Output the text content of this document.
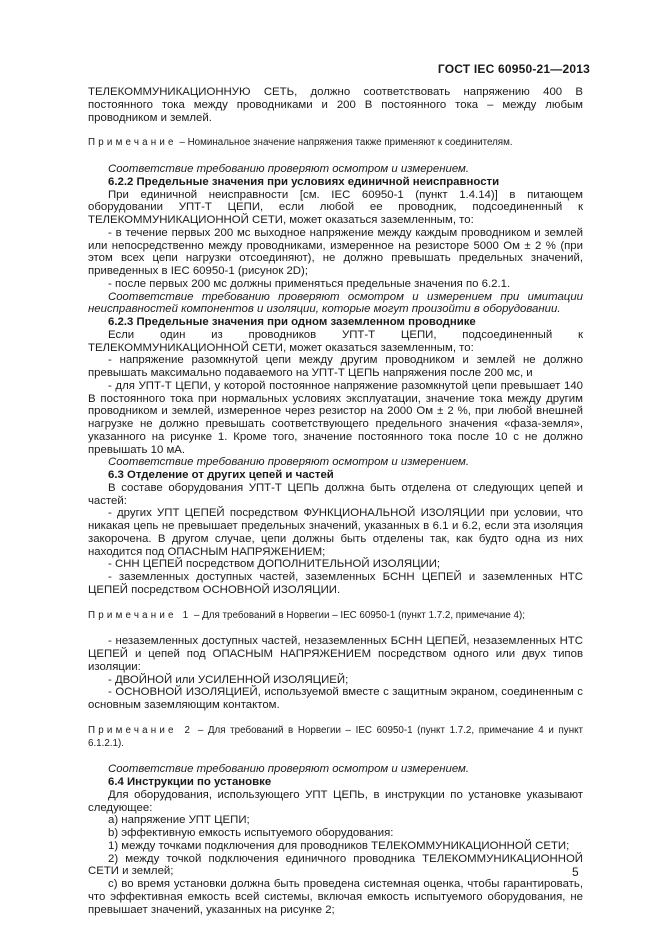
ГОСТ IEC 60950-21—2013

ТЕЛЕКОММУНИКАЦИОННУЮ СЕТЬ, должно соответствовать напряжению 400 В постоянного тока между проводниками и 200 В постоянного тока – между любым проводником и землей.

Примечание – Номинальное значение напряжения также применяют к соединителям.

Соответствие требованию проверяют осмотром и измерением.

6.2.2 Предельные значения при условиях единичной неисправности

При единичной неисправности [см. IEC 60950-1 (пункт 1.4.14)] в питающем оборудовании УПТ-Т ЦЕПИ, если любой ее проводник, подсоединенный к ТЕЛЕКОММУНИКАЦИОННОЙ СЕТИ, может оказаться заземленным, то:

- в течение первых 200 мс выходное напряжение между каждым проводником и землей или непосредственно между проводниками, измеренное на резисторе 5000 Ом ± 2 % (при этом всех цепи нагрузки отсоединяют), не должно превышать предельных значений, приведенных в IEC 60950-1 (рисунок 2D);

- после первых 200 мс должны применяться предельные значения по 6.2.1.

Соответствие требованию проверяют осмотром и измерением при имитации неисправностей компонентов и изоляции, которые могут произойти в оборудовании.

6.2.3 Предельные значения при одном заземленном проводнике

Если один из проводников УПТ-Т ЦЕПИ, подсоединенный к ТЕЛЕКОММУНИКАЦИОННОЙ СЕТИ, может оказаться заземленным, то:

- напряжение разомкнутой цепи между другим проводником и землей не должно превышать максимально подаваемого на УПТ-Т ЦЕПЬ напряжения после 200 мс, и

- для УПТ-Т ЦЕПИ, у которой постоянное напряжение разомкнутой цепи превышает 140 В постоянного тока при нормальных условиях эксплуатации, значение тока между другим проводником и землей, измеренное через резистор на 2000 Ом ± 2 %, при любой внешней нагрузке не должно превышать соответствующего предельного значения «фаза-земля», указанного на рисунке 1. Кроме того, значение постоянного тока после 10 с не должно превышать 10 мА.

Соответствие требованию проверяют осмотром и измерением.

6.3 Отделение от других цепей и частей

В составе оборудования УПТ-Т ЦЕПЬ должна быть отделена от следующих цепей и частей:

- других УПТ ЦЕПЕЙ посредством ФУНКЦИОНАЛЬНОЙ ИЗОЛЯЦИИ при условии, что никакая цепь не превышает предельных значений, указанных в 6.1 и 6.2, если эта изоляция закорочена. В другом случае, цепи должны быть отделены так, как будто одна из них находится под ОПАСНЫМ НАПРЯЖЕНИЕМ;

- СНН ЦЕПЕЙ посредством ДОПОЛНИТЕЛЬНОЙ ИЗОЛЯЦИИ;

- заземленных доступных частей, заземленных БСНН ЦЕПЕЙ и заземленных НТС ЦЕПЕЙ посредством ОСНОВНОЙ ИЗОЛЯЦИИ.

Примечание 1 – Для требований в Норвегии – IEC 60950-1 (пункт 1.7.2, примечание 4);

- незаземленных доступных частей, незаземленных БСНН ЦЕПЕЙ, незаземленных НТС ЦЕПЕЙ и цепей под ОПАСНЫМ НАПРЯЖЕНИЕМ посредством одного или двух типов изоляции:

- ДВОЙНОЙ или УСИЛЕННОЙ ИЗОЛЯЦИЕЙ;

- ОСНОВНОЙ ИЗОЛЯЦИЕЙ, используемой вместе с защитным экраном, соединенным с основным заземляющим контактом.

Примечание 2 – Для требований в Норвегии – IEC 60950-1 (пункт 1.7.2, примечание 4 и пункт 6.1.2.1).

Соответствие требованию проверяют осмотром и измерением.

6.4 Инструкции по установке

Для оборудования, использующего УПТ ЦЕПЬ, в инструкции по установке указывают следующее:

a) напряжение УПТ ЦЕПИ;

b) эффективную емкость испытуемого оборудования:

1) между точками подключения для проводников ТЕЛЕКОММУНИКАЦИОННОЙ СЕТИ;

2) между точкой подключения единичного проводника ТЕЛЕКОММУНИКАЦИОННОЙ СЕТИ и землей;

c) во время установки должна быть проведена системная оценка, чтобы гарантировать, что эффективная емкость всей системы, включая емкость испытуемого оборудования, не превышает значений, указанных на рисунке 2;

5
